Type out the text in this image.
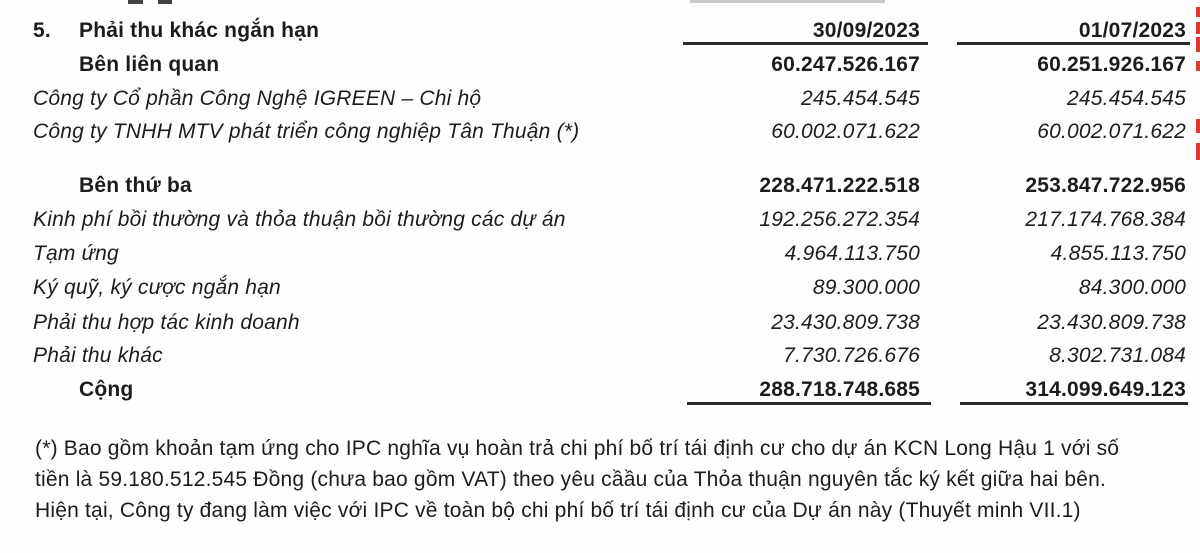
5. Phải thu khác ngắn hạn	30/09/2023	01/07/2023
Bên liên quan	60.247.526.167	60.251.926.167
Công ty Cổ phần Công Nghệ IGREEN – Chi hộ	245.454.545	245.454.545
Công ty TNHH MTV phát triển công nghiệp Tân Thuận (*)	60.002.071.622	60.002.071.622
Bên thứ ba	228.471.222.518	253.847.722.956
Kinh phí bồi thường và thỏa thuận bồi thường các dự án	192.256.272.354	217.174.768.384
Tạm ứng	4.964.113.750	4.855.113.750
Ký quỹ, ký cược ngắn hạn	89.300.000	84.300.000
Phải thu hợp tác kinh doanh	23.430.809.738	23.430.809.738
Phải thu khác	7.730.726.676	8.302.731.084
Cộng	288.718.748.685	314.099.649.123
(*) Bao gồm khoản tạm ứng cho IPC nghĩa vụ hoàn trả chi phí bố trí tái định cư cho dự án KCN Long Hậu 1 với số
tiền là 59.180.512.545 Đồng (chưa bao gồm VAT) theo yêu cầầu của Thỏa thuận nguyên tắc ký kết giữa hai bên.
Hiện tại, Công ty đang làm việc với IPC về toàn bộ chi phí bố trí tái định cư của Dự án này (Thuyết minh VII.1)
